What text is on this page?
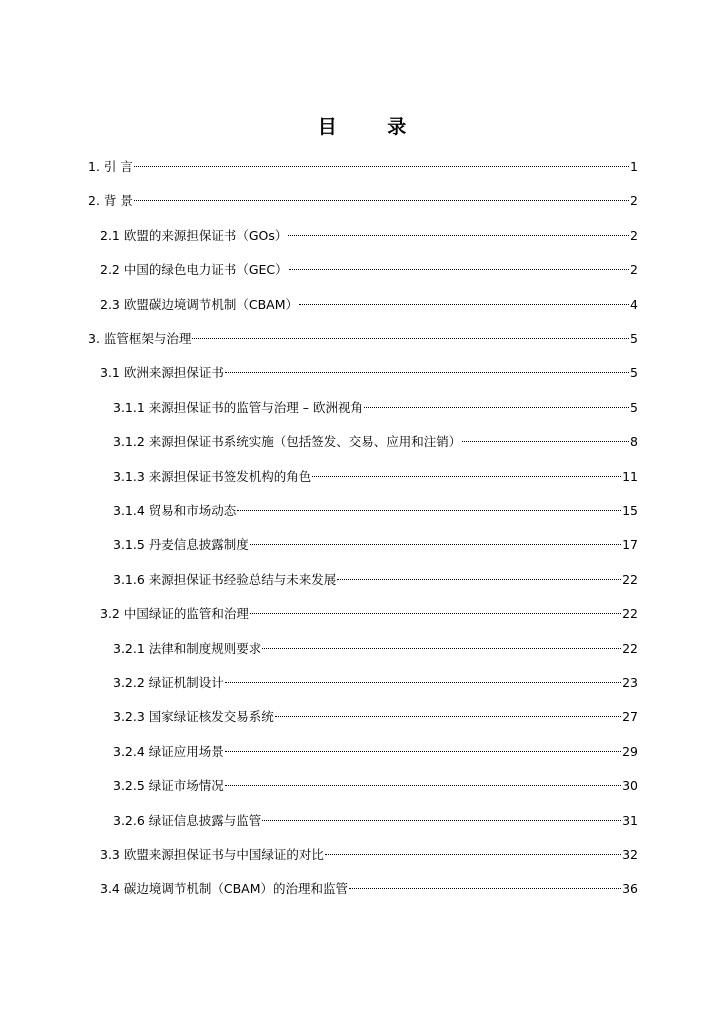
目 录
1. 引 言	1
2. 背 景	2
2.1 欧盟的来源担保证书（GOs）	2
2.2 中国的绿色电力证书（GEC）	2
2.3 欧盟碳边境调节机制（CBAM）	4
3. 监管框架与治理	5
3.1 欧洲来源担保证书	5
3.1.1 来源担保证书的监管与治理 – 欧洲视角	5
3.1.2 来源担保证书系统实施（包括签发、交易、应用和注销）	8
3.1.3 来源担保证书签发机构的角色	11
3.1.4 贸易和市场动态	15
3.1.5 丹麦信息披露制度	17
3.1.6 来源担保证书经验总结与未来发展	22
3.2 中国绿证的监管和治理	22
3.2.1 法律和制度规则要求	22
3.2.2 绿证机制设计	23
3.2.3 国家绿证核发交易系统	27
3.2.4 绿证应用场景	29
3.2.5 绿证市场情况	30
3.2.6 绿证信息披露与监管	31
3.3 欧盟来源担保证书与中国绿证的对比	32
3.4 碳边境调节机制（CBAM）的治理和监管	36
